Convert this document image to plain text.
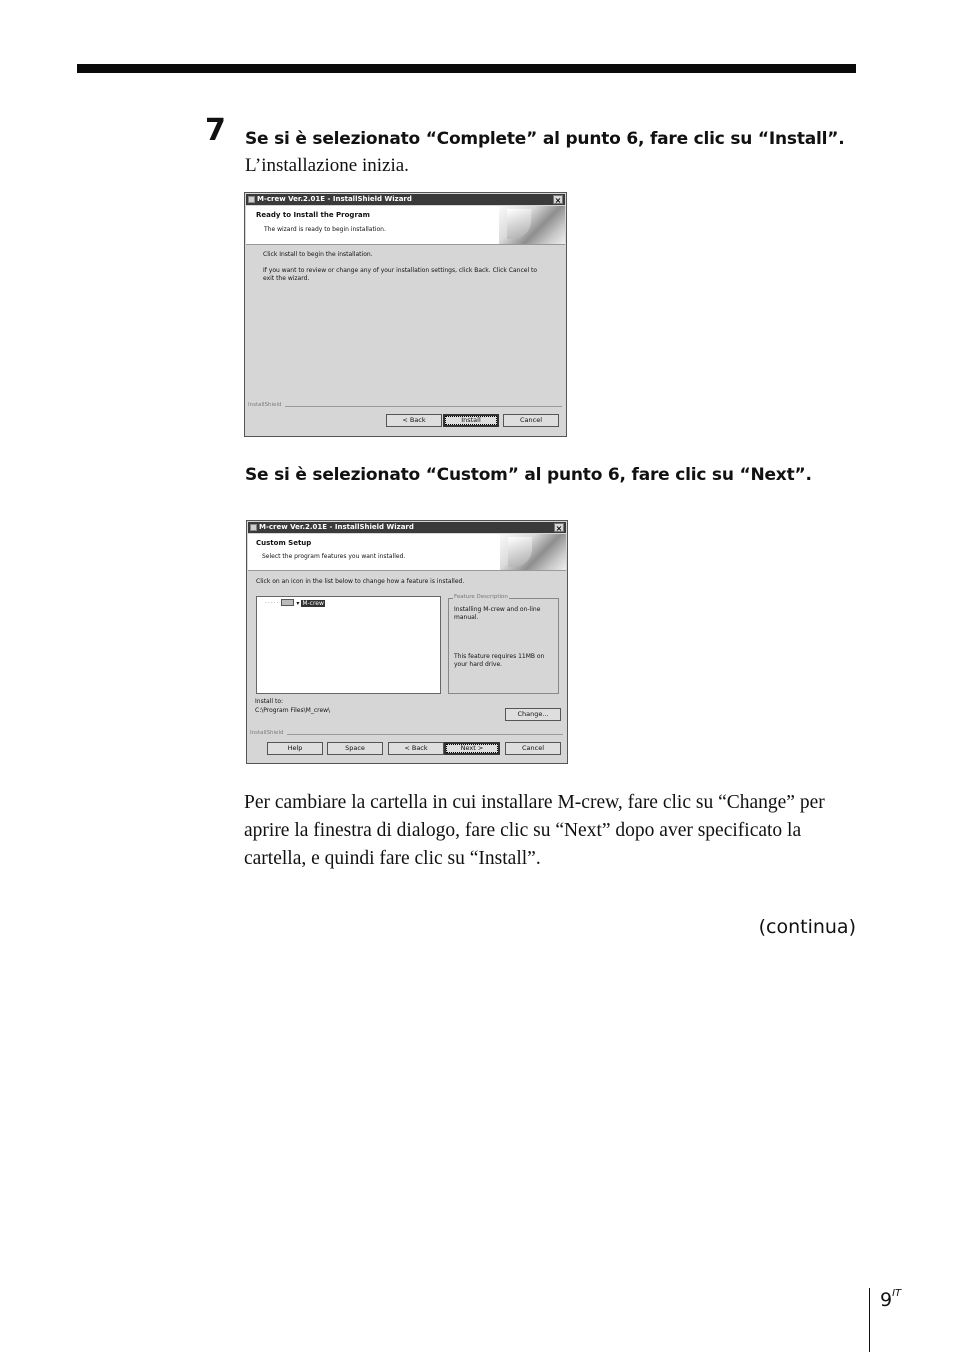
7 Se si è selezionato “Complete” al punto 6, fare clic su “Install”.
L’installazione inizia.
M-crew Ver.2.01E - InstallShield Wizard	×
Ready to Install the Program
The wizard is ready to begin installation.
Click Install to begin the installation.
If you want to review or change any of your installation settings, click Back. Click Cancel to
exit the wizard.
InstallShield
< Back	Install	Cancel
Se si è selezionato “Custom” al punto 6, fare clic su “Next”.
M-crew Ver.2.01E - InstallShield Wizard	×
Custom Setup
Select the program features you want installed.
Click on an icon in the list below to change how a feature is installed.
·····	▾ M-crew
Feature Description
Installing M-crew and on-line manual.
This feature requires 11MB on your hard drive.
Install to:
C:\Program Files\M_crew\	Change...
InstallShield
Help	Space	< Back	Next >	Cancel
Per cambiare la cartella in cui installare M-crew, fare clic su “Change” per aprire la finestra di dialogo, fare clic su “Next” dopo aver specificato la cartella, e quindi fare clic su “Install”.
(continua)
$9^{IT}$
